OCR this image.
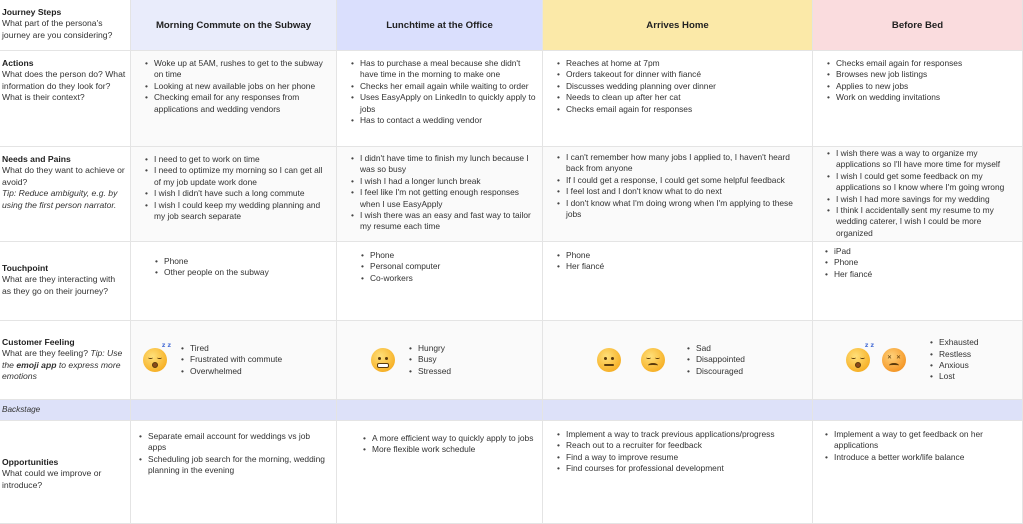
Journey Steps
What part of the persona's journey are you considering?
Morning Commute on the Subway	Lunchtime at the Office	Arrives Home	Before Bed
Actions
What does the person do? What information do they look for? What is their context?
• Woke up at 5AM, rushes to get to the subway on time
• Looking at new available jobs on her phone
• Checking email for any responses from applications and wedding vendors
• Has to purchase a meal because she didn't have time in the morning to make one
• Checks her email again while waiting to order
• Uses EasyApply on LinkedIn to quickly apply to jobs
• Has to contact a wedding vendor
• Reaches at home at 7pm
• Orders takeout for dinner with fiancé
• Discusses wedding planning over dinner
• Needs to clean up after her cat
• Checks email again for responses
• Checks email again for responses
• Browses new job listings
• Applies to new jobs
• Work on wedding invitations
Needs and Pains
What do they want to achieve or avoid?
Tip: Reduce ambiguity, e.g. by using the first person narrator.
• I need to get to work on time
• I need to optimize my morning so I can get all of my job update work done
• I wish I didn't have such a long commute
• I wish I could keep my wedding planning and my job search separate
• I didn't have time to finish my lunch because I was so busy
• I wish I had a longer lunch break
• I feel like I'm not getting enough responses when I use EasyApply
• I wish there was an easy and fast way to tailor my resume each time
• I can't remember how many jobs I applied to, I haven't heard back from anyone
• If I could get a response, I could get some helpful feedback
• I feel lost and I don't know what to do next
• I don't know what I'm doing wrong when I'm applying to these jobs
• I wish there was a way to organize my applications so I'll have more time for myself
• I wish I could get some feedback on my applications so I know where I'm going wrong
• I wish I had more savings for my wedding
• I think I accidentally sent my resume to my wedding caterer, I wish I could be more organized
Touchpoint
What are they interacting with as they go on their journey?
• Phone
• Other people on the subway
• Phone
• Personal computer
• Co-workers
• Phone
• Her fiancé
• iPad
• Phone
• Her fiancé
Customer Feeling
What are they feeling? Tip: Use the emoji app to express more emotions
z z
•	Tired
• Frustrated with commute
• Overwhelmed
• Hungry
• Busy
• Stressed
• Sad
• Disappointed
• Discouraged
z z
✕ ✕
• Exhausted
• Restless
• Anxious
• Lost
Backstage
Opportunities
What could we improve or introduce?
• Separate email account for weddings vs job apps
• Scheduling job search for the morning, wedding planning in the evening
• A more efficient way to quickly apply to jobs
• More flexible work schedule
• Implement a way to track previous applications/progress
• Reach out to a recruiter for feedback
• Find a way to improve resume
• Find courses for professional development
• Implement a way to get feedback on her applications
• Introduce a better work/life balance
